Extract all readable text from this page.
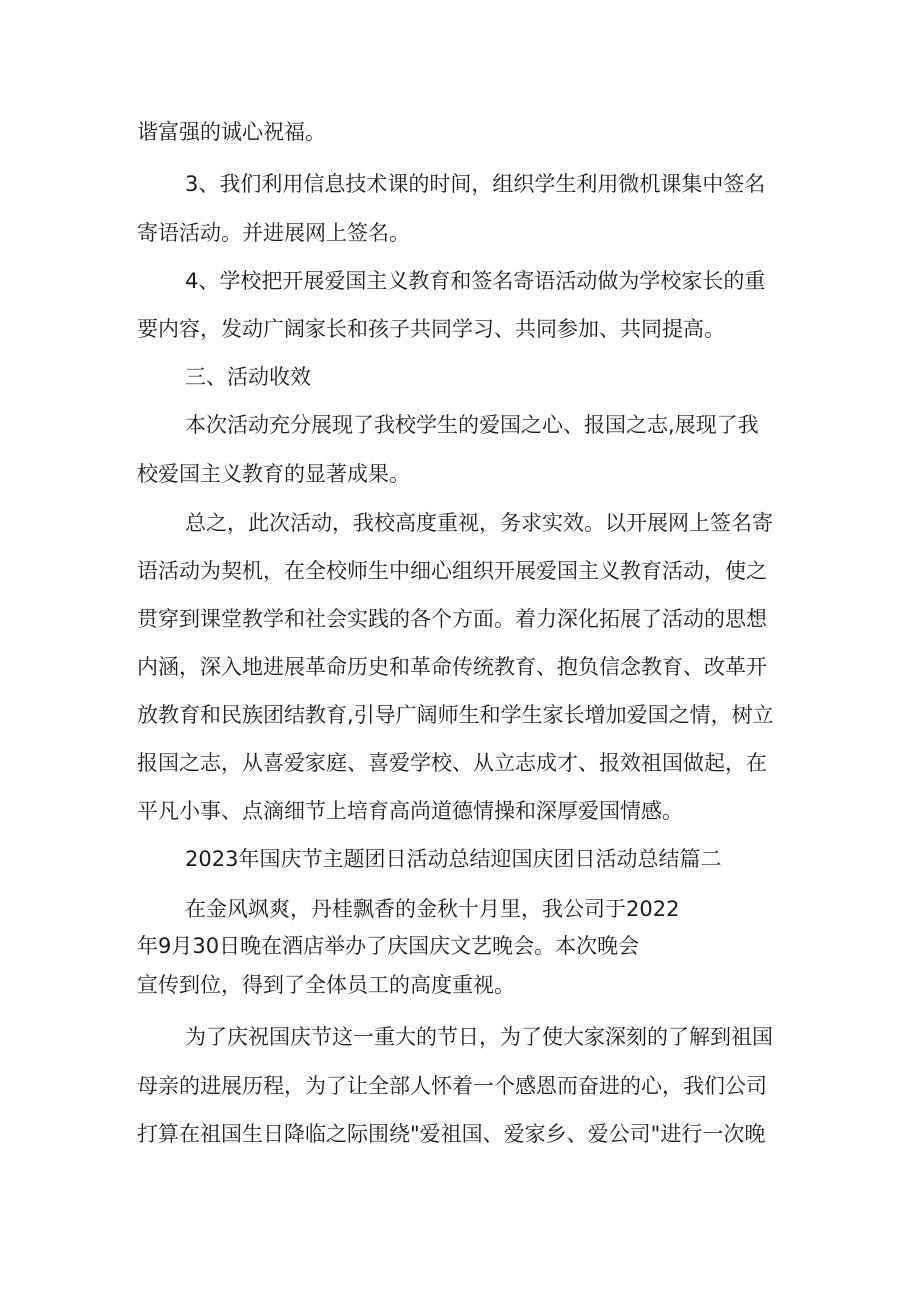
谐富强的诚心祝福。
3、我们利用信息技术课的时间，组织学生利用微机课集中签名
寄语活动。并进展网上签名。
4、学校把开展爱国主义教育和签名寄语活动做为学校家长的重
要内容，发动广阔家长和孩子共同学习、共同参加、共同提高。
三、活动收效
本次活动充分展现了我校学生的爱国之心、报国之志,展现了我
校爱国主义教育的显著成果。
总之，此次活动，我校高度重视，务求实效。以开展网上签名寄
语活动为契机，在全校师生中细心组织开展爱国主义教育活动，使之
贯穿到课堂教学和社会实践的各个方面。着力深化拓展了活动的思想
内涵，深入地进展革命历史和革命传统教育、抱负信念教育、改革开
放教育和民族团结教育,引导广阔师生和学生家长增加爱国之情，树立
报国之志，从喜爱家庭、喜爱学校、从立志成才、报效祖国做起，在
平凡小事、点滴细节上培育高尚道德情操和深厚爱国情感。
2023年国庆节主题团日活动总结迎国庆团日活动总结篇二
在金风飒爽，丹桂飘香的金秋十月里，我公司于2022
年9月30日晚在酒店举办了庆国庆文艺晚会。本次晚会
宣传到位，得到了全体员工的高度重视。
为了庆祝国庆节这一重大的节日，为了使大家深刻的了解到祖国
母亲的进展历程，为了让全部人怀着一个感恩而奋进的心，我们公司
打算在祖国生日降临之际围绕"爱祖国、爱家乡、爱公司"进行一次晚
